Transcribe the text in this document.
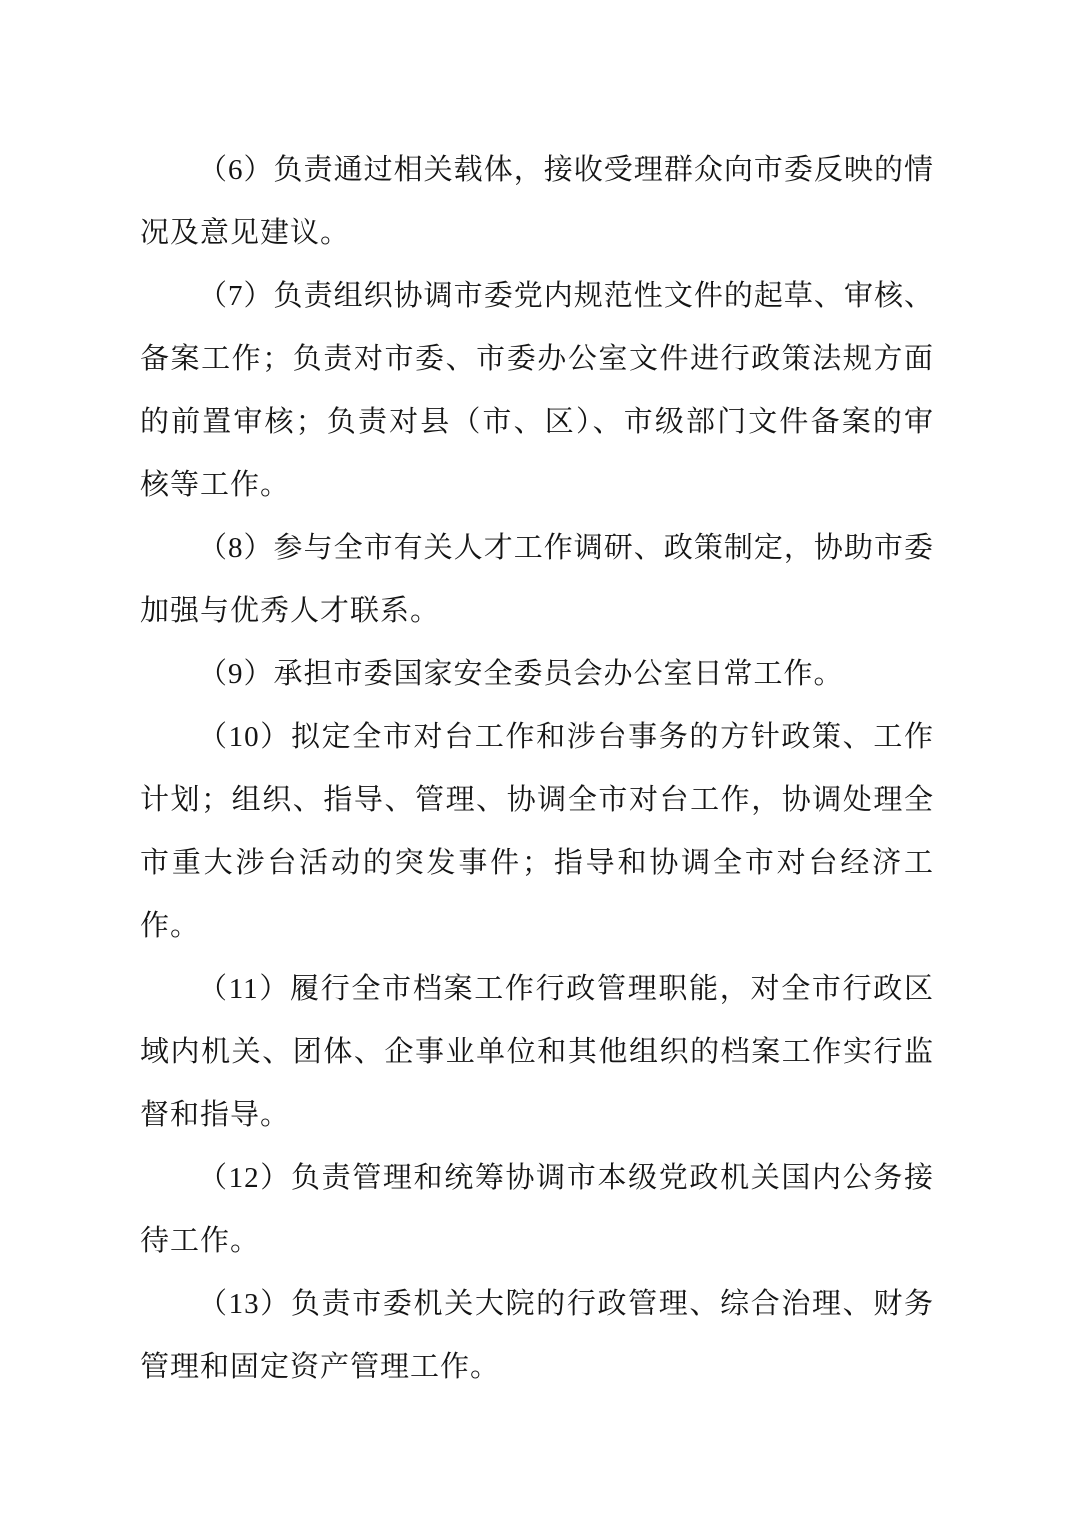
（6）负责通过相关载体，接收受理群众向市委反映的情况及意见建议。

（7）负责组织协调市委党内规范性文件的起草、审核、备案工作；负责对市委、市委办公室文件进行政策法规方面的前置审核；负责对县（市、区）、市级部门文件备案的审核等工作。

（8）参与全市有关人才工作调研、政策制定，协助市委加强与优秀人才联系。

（9）承担市委国家安全委员会办公室日常工作。

（10）拟定全市对台工作和涉台事务的方针政策、工作计划；组织、指导、管理、协调全市对台工作，协调处理全市重大涉台活动的突发事件；指导和协调全市对台经济工作。

（11）履行全市档案工作行政管理职能，对全市行政区域内机关、团体、企事业单位和其他组织的档案工作实行监督和指导。

（12）负责管理和统筹协调市本级党政机关国内公务接待工作。

（13）负责市委机关大院的行政管理、综合治理、财务管理和固定资产管理工作。
